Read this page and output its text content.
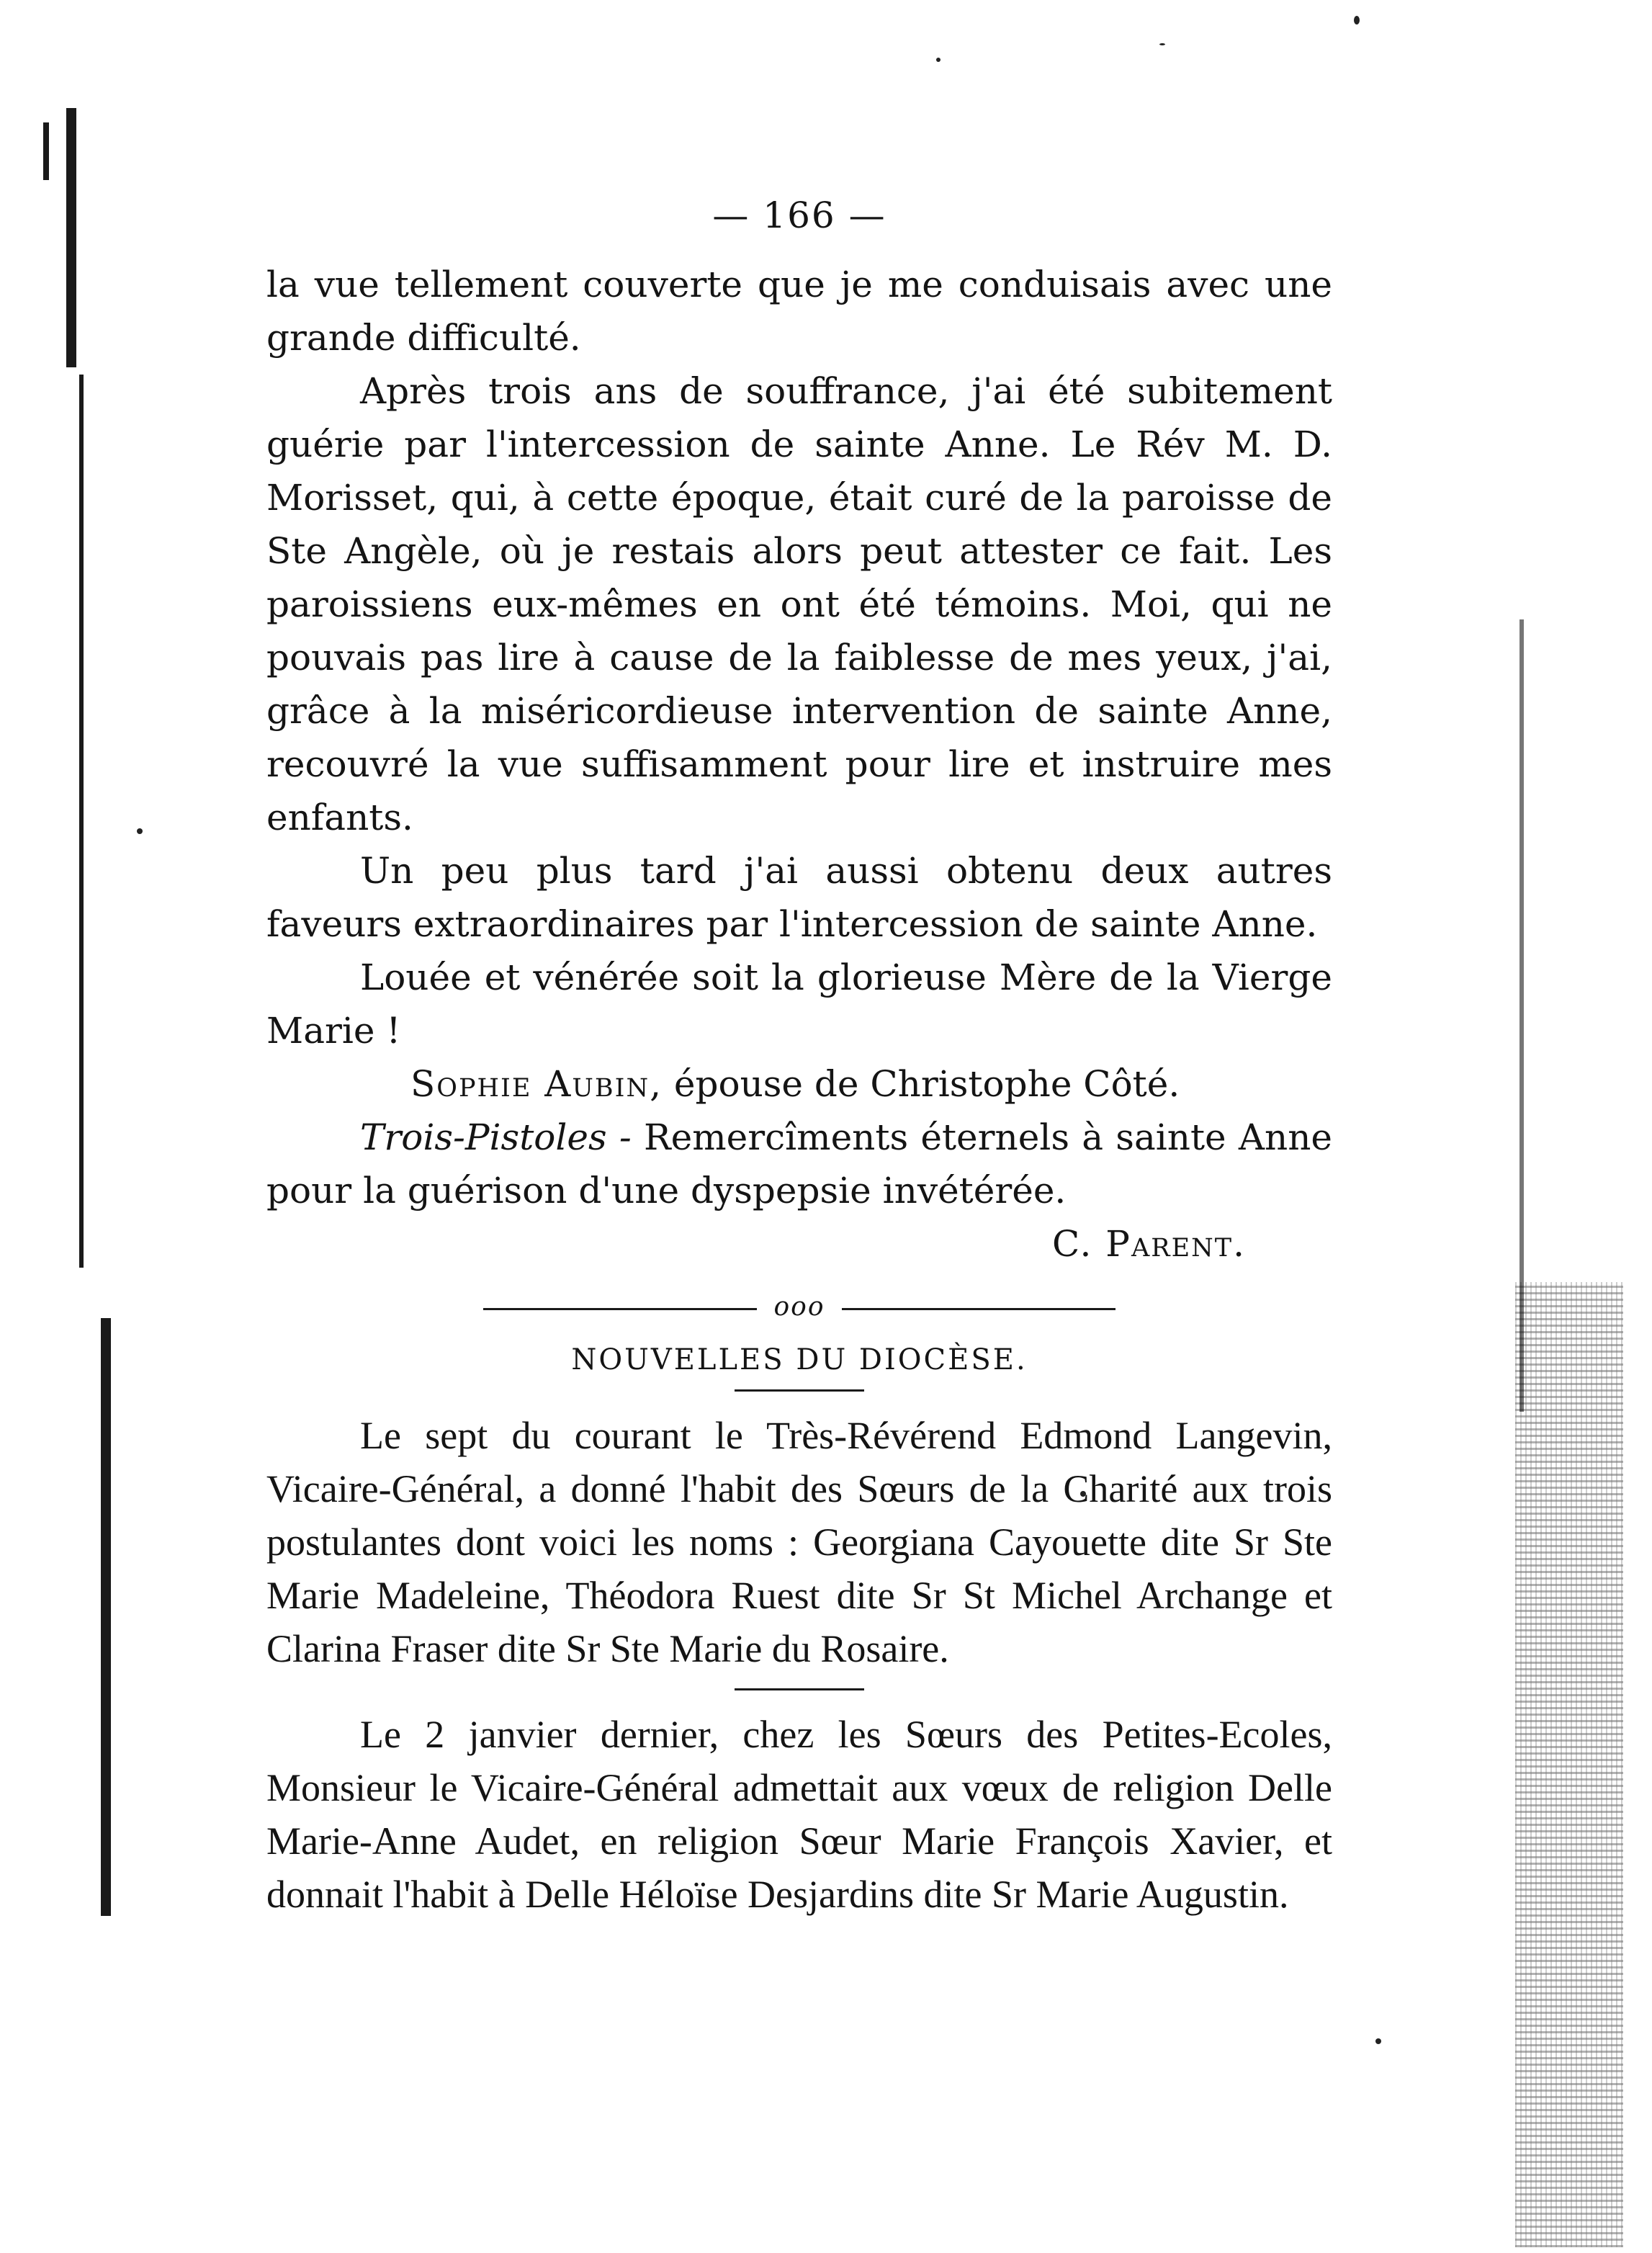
— 166 —

la vue tellement couverte que je me conduisais avec une grande difficulté.

Après trois ans de souffrance, j'ai été subitement guérie par l'intercession de sainte Anne. Le Rév M. D. Morisset, qui, à cette époque, était curé de la paroisse de Ste Angèle, où je restais alors peut attester ce fait. Les paroissiens eux-mêmes en ont été témoins. Moi, qui ne pouvais pas lire à cause de la faiblesse de mes yeux, j'ai, grâce à la miséricordieuse intervention de sainte Anne, recouvré la vue suffisamment pour lire et instruire mes enfants.

Un peu plus tard j'ai aussi obtenu deux autres faveurs extraordinaires par l'intercession de sainte Anne.

Louée et vénérée soit la glorieuse Mère de la Vierge Marie !

Sophie Aubin, épouse de Christophe Côté.

Trois-Pistoles - Remercîments éternels à sainte Anne pour la guérison d'une dyspepsie invétérée.

C. Parent.

ooo
NOUVELLES DU DIOCÈSE.

Le sept du courant le Très-Révérend Edmond Langevin, Vicaire-Général, a donné l'habit des Sœurs de la Charité aux trois postulantes dont voici les noms : Georgiana Cayouette dite Sr Ste Marie Madeleine, Théodora Ruest dite Sr St Michel Archange et Clarina Fraser dite Sr Ste Marie du Rosaire.

Le 2 janvier dernier, chez les Sœurs des Petites-Ecoles, Monsieur le Vicaire-Général admettait aux vœux de religion Delle Marie-Anne Audet, en religion Sœur Marie François Xavier, et donnait l'habit à Delle Héloïse Desjardins dite Sr Marie Augustin.
